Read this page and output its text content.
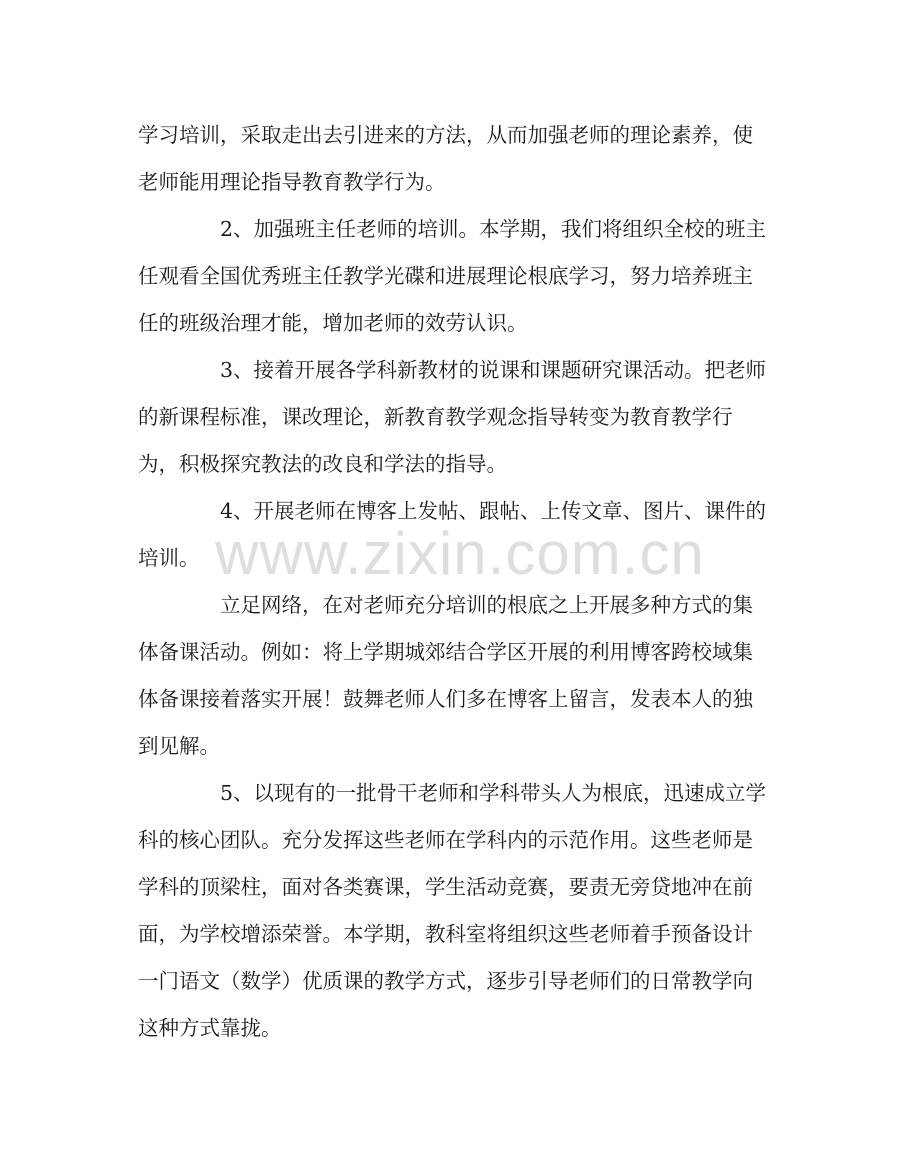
学习培训，采取走出去引进来的方法，从而加强老师的理论素养，使
老师能用理论指导教育教学行为。
2、加强班主任老师的培训。本学期，我们将组织全校的班主
任观看全国优秀班主任教学光碟和进展理论根底学习，努力培养班主
任的班级治理才能，增加老师的效劳认识。
3、接着开展各学科新教材的说课和课题研究课活动。把老师
的新课程标准，课改理论，新教育教学观念指导转变为教育教学行
为，积极探究教法的改良和学法的指导。
4、开展老师在博客上发帖、跟帖、上传文章、图片、课件的
培训。
立足网络，在对老师充分培训的根底之上开展多种方式的集
体备课活动。例如：将上学期城郊结合学区开展的利用博客跨校域集
体备课接着落实开展！鼓舞老师人们多在博客上留言，发表本人的独
到见解。
5、以现有的一批骨干老师和学科带头人为根底，迅速成立学
科的核心团队。充分发挥这些老师在学科内的示范作用。这些老师是
学科的顶梁柱，面对各类赛课，学生活动竞赛，要责无旁贷地冲在前
面，为学校增添荣誉。本学期，教科室将组织这些老师着手预备设计
一门语文（数学）优质课的教学方式，逐步引导老师们的日常教学向
这种方式靠拢。
www.zixin.com.cn
